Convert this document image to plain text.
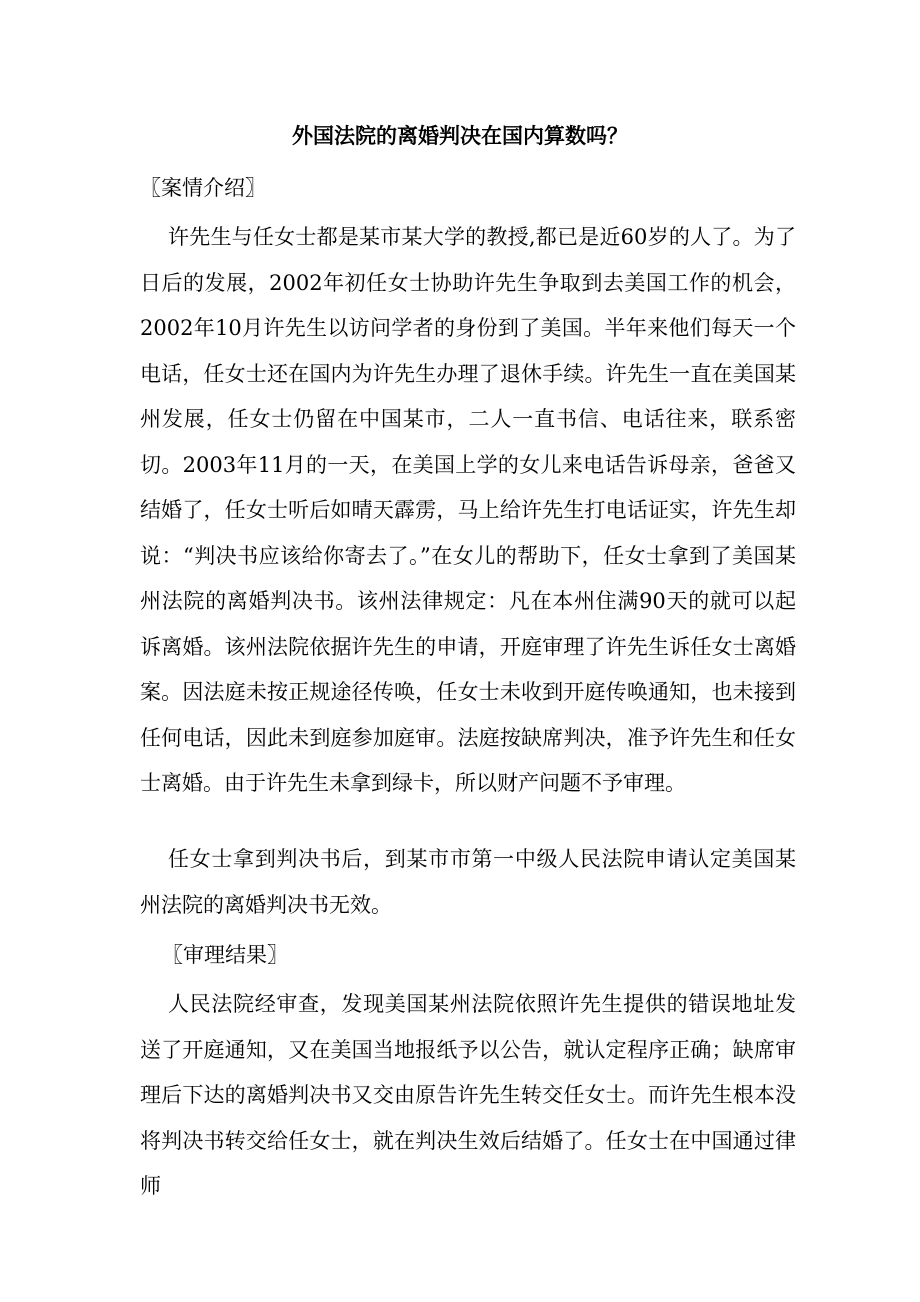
外国法院的离婚判决在国内算数吗？
〖案情介绍〗

许先生与任女士都是某市某大学的教授,都已是近60岁的人了。为了日后的发展，2002年初任女士协助许先生争取到去美国工作的机会，2002年10月许先生以访问学者的身份到了美国。半年来他们每天一个电话，任女士还在国内为许先生办理了退休手续。许先生一直在美国某州发展，任女士仍留在中国某市，二人一直书信、电话往来，联系密切。2003年11月的一天，在美国上学的女儿来电话告诉母亲，爸爸又结婚了，任女士听后如晴天霹雳，马上给许先生打电话证实，许先生却说：“判决书应该给你寄去了。”在女儿的帮助下，任女士拿到了美国某州法院的离婚判决书。该州法律规定：凡在本州住满90天的就可以起诉离婚。该州法院依据许先生的申请，开庭审理了许先生诉任女士离婚案。因法庭未按正规途径传唤，任女士未收到开庭传唤通知，也未接到任何电话，因此未到庭参加庭审。法庭按缺席判决，准予许先生和任女士离婚。由于许先生未拿到绿卡，所以财产问题不予审理。

任女士拿到判决书后，到某市市第一中级人民法院申请认定美国某州法院的离婚判决书无效。

〖审理结果〗

人民法院经审查，发现美国某州法院依照许先生提供的错误地址发送了开庭通知，又在美国当地报纸予以公告，就认定程序正确；缺席审理后下达的离婚判决书又交由原告许先生转交任女士。而许先生根本没将判决书转交给任女士，就在判决生效后结婚了。任女士在中国通过律师
